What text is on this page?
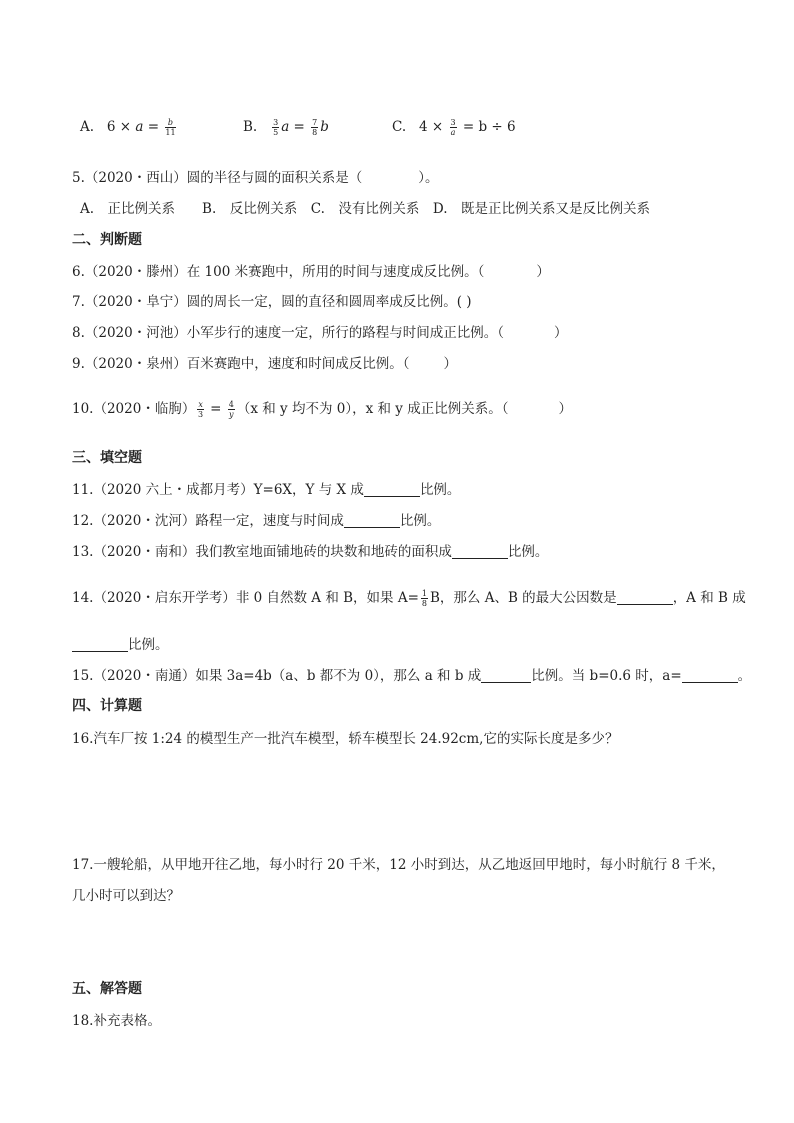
A. $6 \times a = \frac{b}{11}$	B. $\frac{3}{5}$ $a = \frac{7}{8}$ b	C. $4 \times \frac{3}{a} = b \div 6$
5.（2020・西山）圆的半径与圆的面积关系是（	）。
A.　正比例关系　　B.　反比例关系　C.　没有比例关系　D.　既是正比例关系又是反比例关系
二、判断题
6.（2020・滕州）在 100 米赛跑中，所用的时间与速度成反比例。（	）
7.（2020・阜宁）圆的周长一定，圆的直径和圆周率成反比例。( )
8.（2020・河池）小军步行的速度一定，所行的路程与时间成正比例。（	）
9.（2020・泉州）百米赛跑中，速度和时间成反比例。（	）
10.（2020・临朐） $\frac{x}{3} = \frac{4}{y} (x$ 和 y 均不为 0），x 和 y 成正比例关系。（	）
三、填空题
11.（2020 六上・成都月考）Y=6X，Y 与 X 成	比例。
12.（2020・沈河）路程一定，速度与时间成	比例。
13.（2020・南和）我们教室地面铺地砖的块数和地砖的面积成	比例。
14.（2020・启东开学考）非 0 自然数 A 和 B，如果 $A= \frac{1}{8}$ B，那么 A、B 的最大公因数是	，A 和 B 成
比例。
15.（2020・南通）如果 3a=4b（a、b 都不为 0），那么 a 和 b 成	比例。当 b=0.6 时，a=	。
四、计算题
16.汽车厂按 1:24 的模型生产一批汽车模型，轿车模型长 24.92cm,它的实际长度是多少？
17.一艘轮船，从甲地开往乙地，每小时行 20 千米，12 小时到达，从乙地返回甲地时，每小时航行 8 千米，
几小时可以到达？
五、解答题
18.补充表格。
